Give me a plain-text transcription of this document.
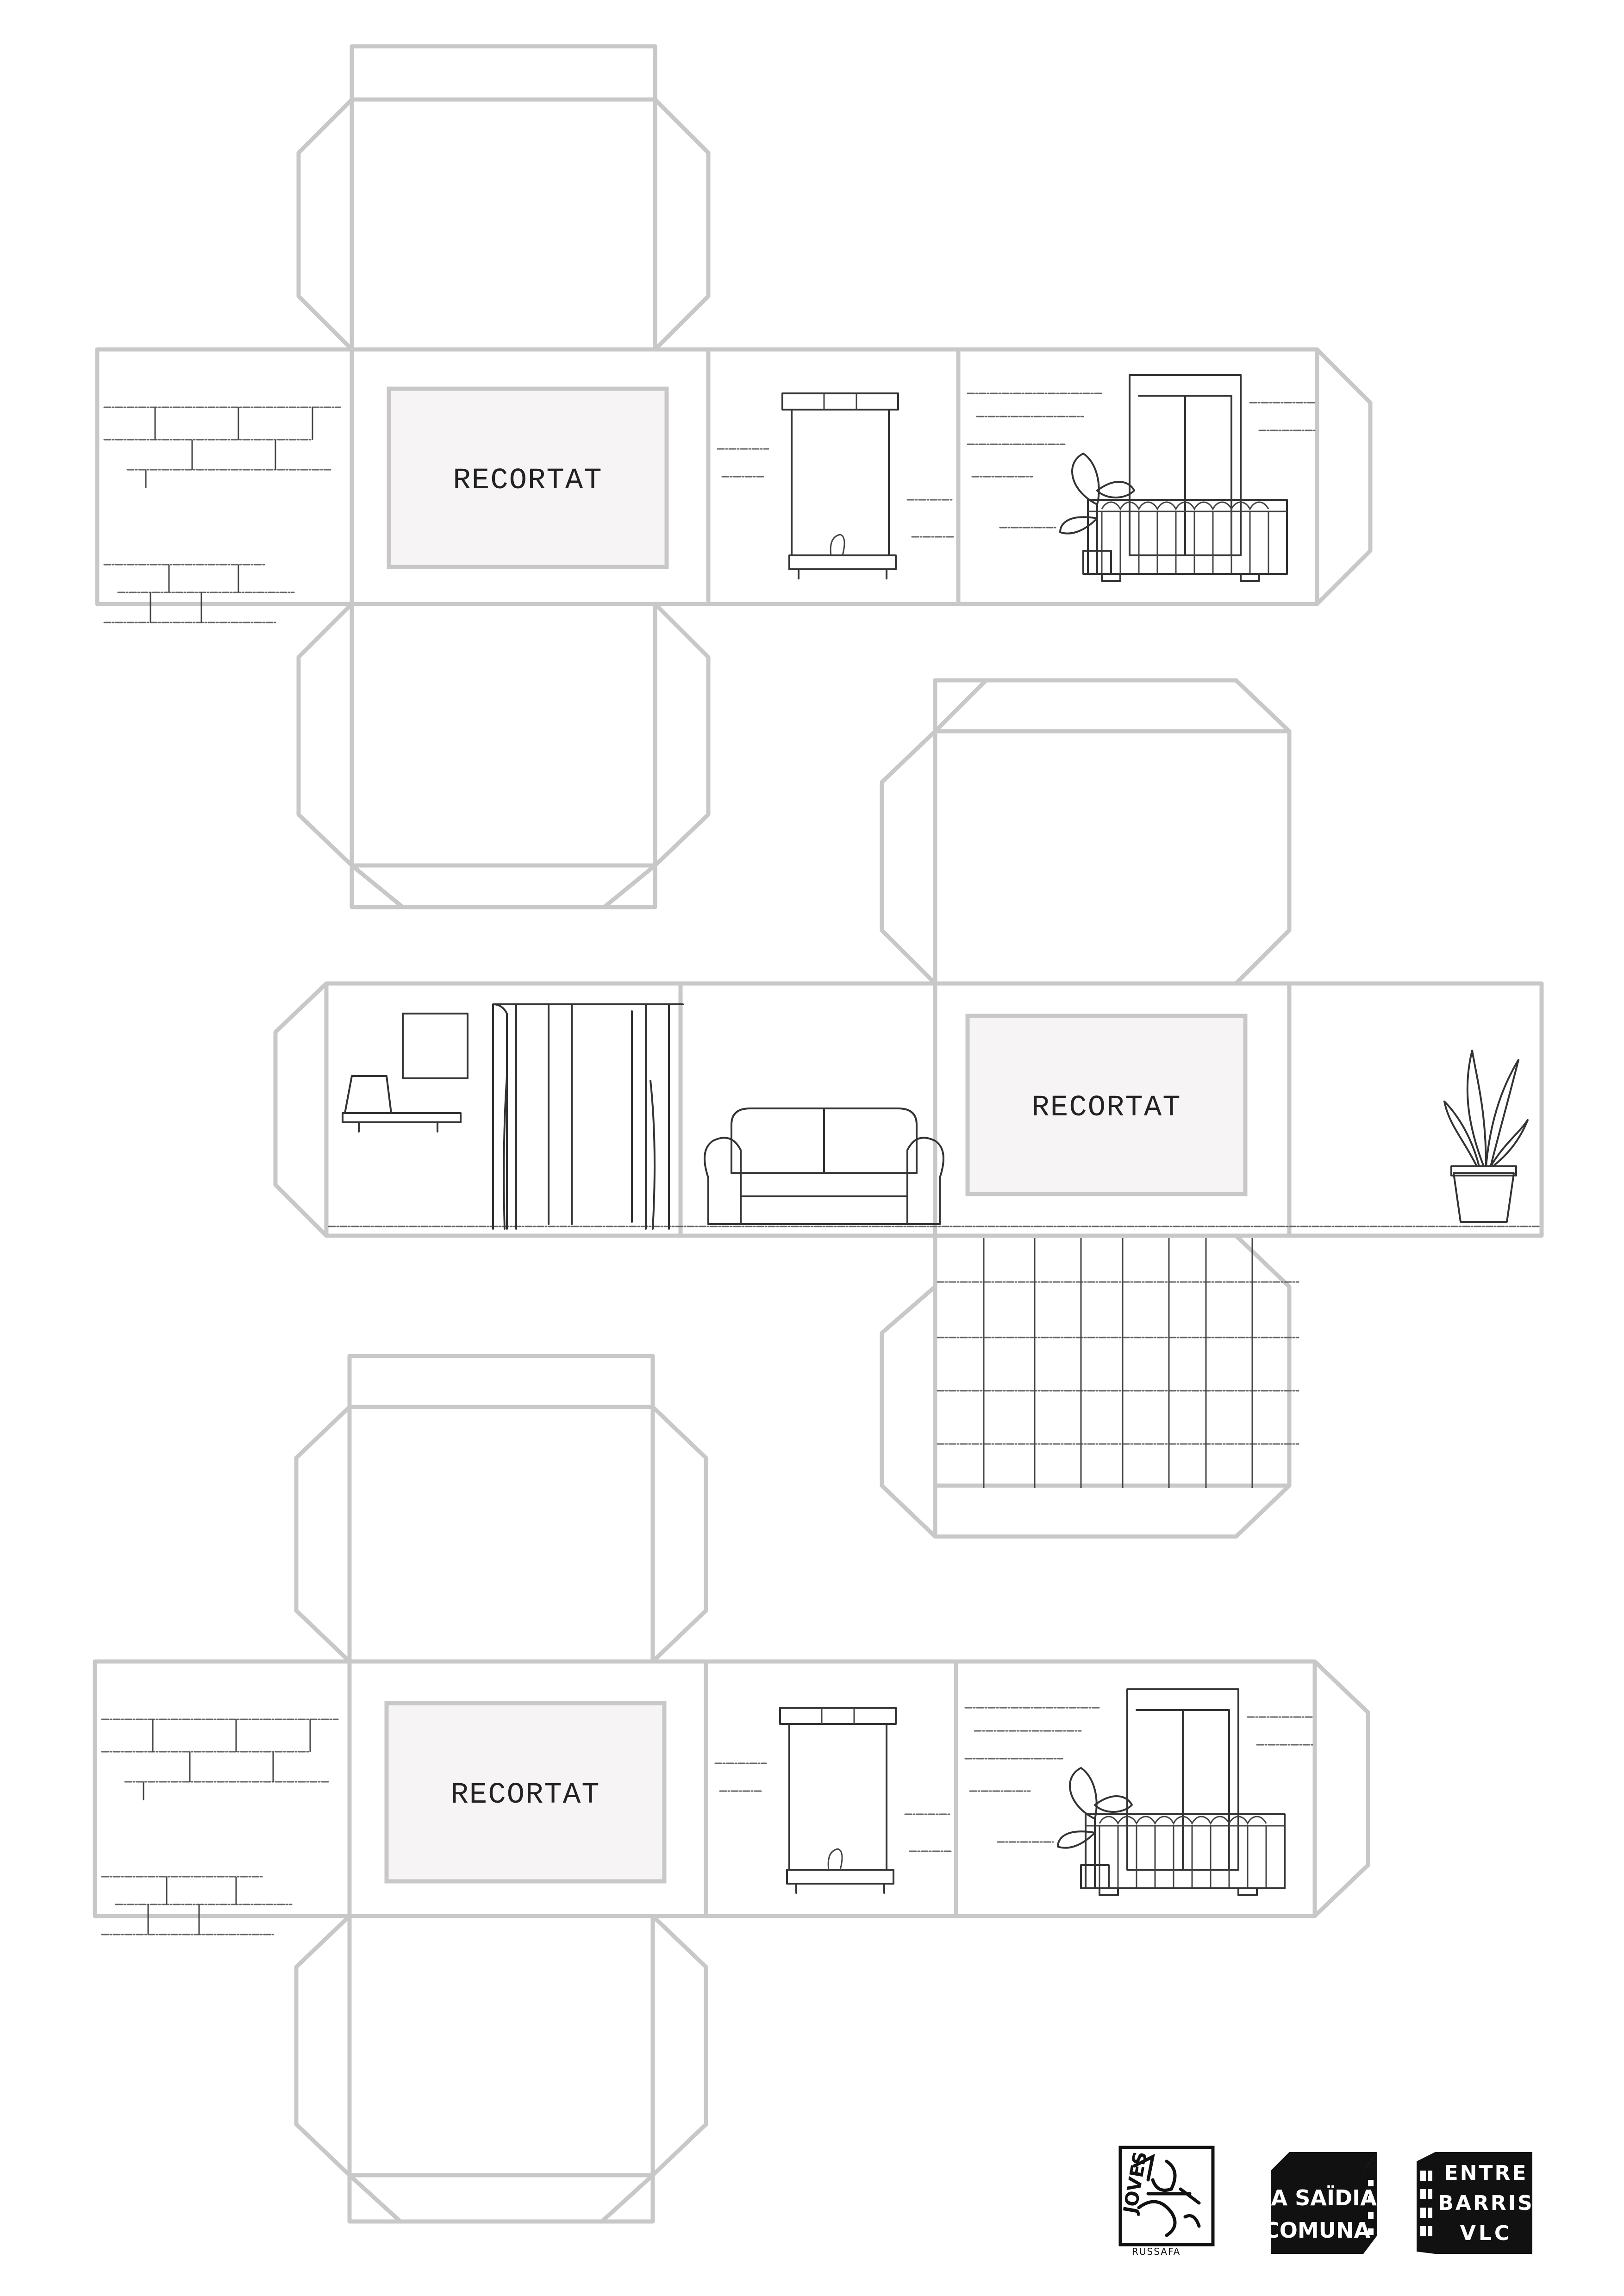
RECORTAT
RECORTAT
RECORTAT
JOVES
RUSSAFA
LA SAÏDIA
COMUNA
ENTRE
BARRIS
VLC
